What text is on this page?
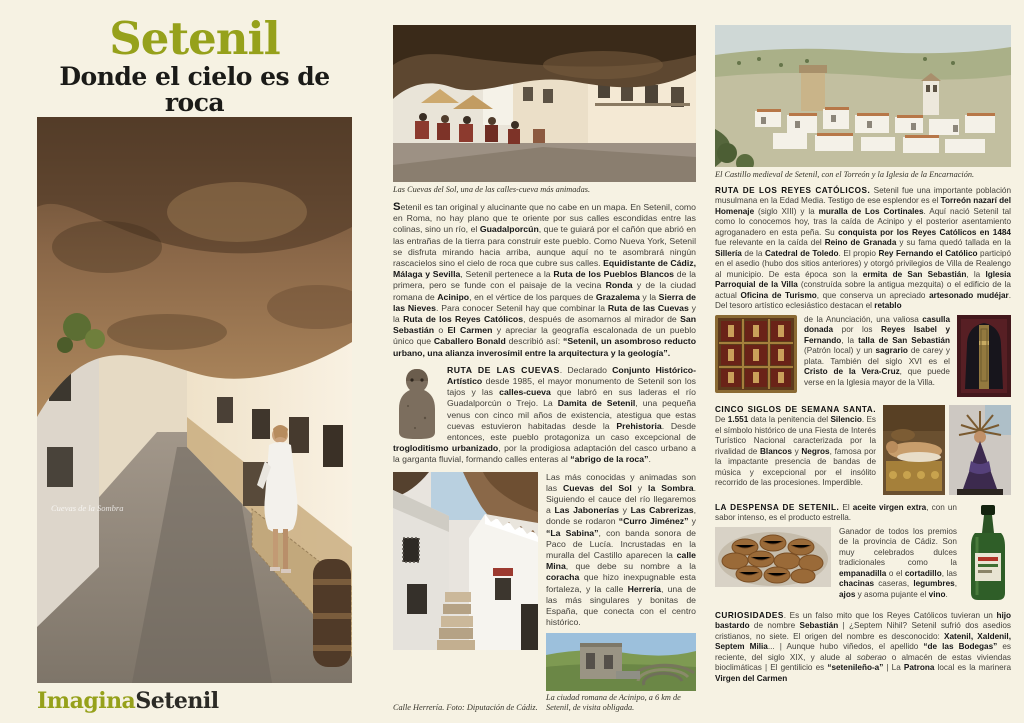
Setenil
Donde el cielo es de roca
Cuevas de la Sombra
ImaginaSetenil
Las Cuevas del Sol, una de las calles-cueva más animadas.

Setenil es tan original y alucinante que no cabe en un mapa. En Setenil, como en Roma, no hay plano que te oriente por sus calles escondidas entre las colinas, sino un río, el Guadalporcún, que te guiará por el cañón que abrió en las entrañas de la tierra para construir este pueblo. Como Nueva York, Setenil se disfruta mirando hacia arriba, aunque aquí no te asombrará ningún rascacielos sino el cielo de roca que cubre sus calles. Equidistante de Cádiz, Málaga y Sevilla, Setenil pertenece a la Ruta de los Pueblos Blancos de la primera, pero se funde con el paisaje de la vecina Ronda y de la ciudad romana de Acinipo, en el vértice de los parques de Grazalema y la Sierra de las Nieves. Para conocer Setenil hay que combinar la Ruta de las Cuevas y la Ruta de los Reyes Católicos, después de asomarnos al mirador de San Sebastián o El Carmen y apreciar la geografía escalonada de un pueblo único que Caballero Bonald describió así: “Setenil, un asombroso reducto urbano, una alianza inverosímil entre la arquitectura y la geología”.

RUTA DE LAS CUEVAS. Declarado Conjunto Histórico-Artístico desde 1985, el mayor monumento de Setenil son los tajos y las calles-cueva que labró en sus laderas el río Guadalporcún o Trejo. La Damita de Setenil, una pequeña venus con cinco mil años de existencia, atestigua que estas cuevas estuvieron habitadas desde la Prehistoria. Desde entonces, este pueblo protagoniza un caso excepcional de trogloditismo urbanizado, por la prodigiosa adaptación del casco urbano a la garganta fluvial, formando calles enteras al “abrigo de la roca”.

Calle Herrería. Foto: Diputación de Cádiz.

Las más conocidas y animadas son las Cuevas del Sol y la Sombra. Siguiendo el cauce del río llegaremos a Las Jabonerías y Las Cabrerizas, donde se rodaron “Curro Jiménez” y “La Sabina”, con banda sonora de Paco de Lucía. Incrustadas en la muralla del Castillo aparecen la calle Mina, que debe su nombre a la coracha que hizo inexpugnable esta fortaleza, y la calle Herrería, una de las más singulares y bonitas de España, que conecta con el centro histórico.

La ciudad romana de Acinipo, a 6 km de Setenil, de visita obligada.
El Castillo medieval de Setenil, con el Torreón y la Iglesia de la Encarnación.

RUTA DE LOS REYES CATÓLICOS. Setenil fue una importante población musulmana en la Edad Media. Testigo de ese esplendor es el Torreón nazarí del Homenaje (siglo XIII) y la muralla de Los Cortinales. Aquí nació Setenil tal como lo conocemos hoy, tras la caída de Acinipo y el posterior asentamiento agroganadero en esta peña. Su conquista por los Reyes Católicos en 1484 fue relevante en la caída del Reino de Granada y su fama quedó tallada en la Sillería de la Catedral de Toledo. El propio Rey Fernando el Católico participó en el asedio (hubo dos sitios anteriores) y otorgó privilegios de Villa de Realengo al municipio. De esta época son la ermita de San Sebastián, la Iglesia Parroquial de la Villa (construída sobre la antigua mezquita) o el edificio de la actual Oficina de Turismo, que conserva un apreciado artesonado mudéjar. Del tesoro artístico eclesiástico destacan el retablo

de la Anunciación, una valiosa casulla donada por los Reyes Isabel y Fernando, la talla de San Sebastián (Patrón local) y un sagrario de carey y plata. También del siglo XVI es el Cristo de la Vera-Cruz, que puede verse en la Iglesia mayor de la Villa.

CINCO SIGLOS DE SEMANA SANTA. De 1.551 data la penitencia del Silencio. Es el símbolo histórico de una Fiesta de Interés Turístico Nacional caracterizada por la rivalidad de Blancos y Negros, famosa por la impactante presencia de bandas de música y excepcional por el insólito recorrido de las procesiones. Imperdible.

LA DESPENSA DE SETENIL. El aceite virgen extra, con un sabor intenso, es el producto estrella.

Ganador de todos los premios de la provincia de Cádiz. Son muy celebrados dulces tradicionales como la empanadilla o el cortadillo, las chacinas caseras, legumbres, ajos y asoma pujante el vino.

CURIOSIDADES. Es un falso mito que los Reyes Católicos tuvieran un hijo bastardo de nombre Sebastián | ¿Septem Nihil? Setenil sufrió dos asedios cristianos, no siete. El origen del nombre es desconocido: Xatenil, Xaldenil, Septem Milia... | Aunque hubo viñedos, el apellido “de las Bodegas” es reciente, del siglo XIX, y alude al soberao o almacén de estas viviendas bioclimáticas | El gentilicio es “setenileño-a” | La Patrona local es la marinera Virgen del Carmen
